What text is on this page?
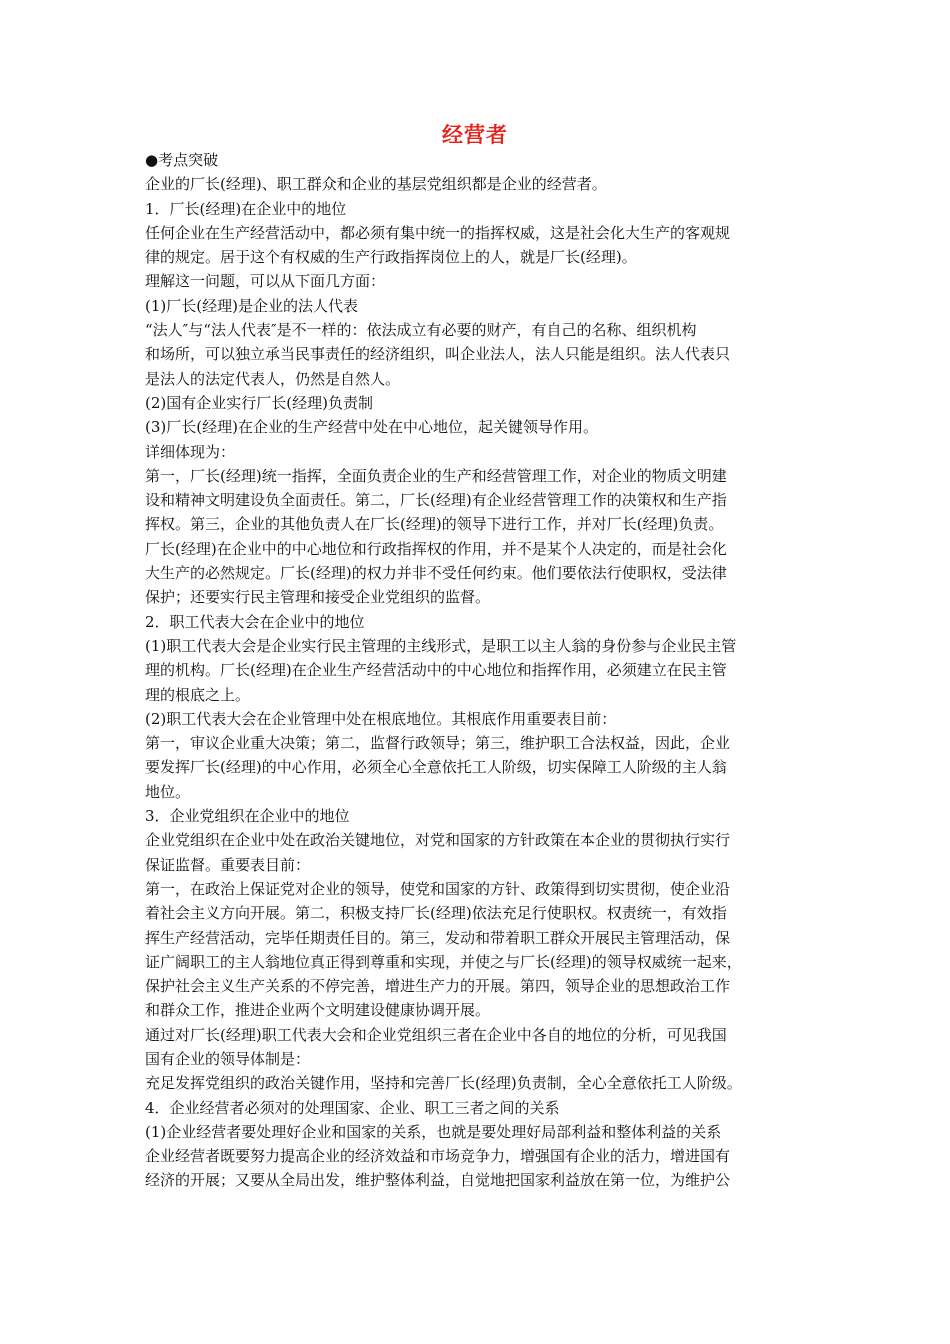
经营者
●考点突破
企业的厂长(经理)、职工群众和企业的基层党组织都是企业的经营者。
1．厂长(经理)在企业中的地位
任何企业在生产经营活动中，都必须有集中统一的指挥权威，这是社会化大生产的客观规
律的规定。居于这个有权威的生产行政指挥岗位上的人，就是厂长(经理)。
理解这一问题，可以从下面几方面：
(1)厂长(经理)是企业的法人代表
“法人″与“法人代表″是不一样的：依法成立有必要的财产，有自己的名称、组织机构
和场所，可以独立承当民事责任的经济组织，叫企业法人，法人只能是组织。法人代表只
是法人的法定代表人，仍然是自然人。
(2)国有企业实行厂长(经理)负责制
(3)厂长(经理)在企业的生产经营中处在中心地位，起关键领导作用。
详细体现为：
第一，厂长(经理)统一指挥，全面负责企业的生产和经营管理工作，对企业的物质文明建
设和精神文明建设负全面责任。第二，厂长(经理)有企业经营管理工作的决策权和生产指
挥权。第三，企业的其他负责人在厂长(经理)的领导下进行工作，并对厂长(经理)负责。
厂长(经理)在企业中的中心地位和行政指挥权的作用，并不是某个人决定的，而是社会化
大生产的必然规定。厂长(经理)的权力并非不受任何约束。他们要依法行使职权，受法律
保护；还要实行民主管理和接受企业党组织的监督。
2．职工代表大会在企业中的地位
(1)职工代表大会是企业实行民主管理的主线形式，是职工以主人翁的身份参与企业民主管
理的机构。厂长(经理)在企业生产经营活动中的中心地位和指挥作用，必须建立在民主管
理的根底之上。
(2)职工代表大会在企业管理中处在根底地位。其根底作用重要表目前：
第一，审议企业重大决策；第二，监督行政领导；第三，维护职工合法权益，因此，企业
要发挥厂长(经理)的中心作用，必须全心全意依托工人阶级，切实保障工人阶级的主人翁
地位。
3．企业党组织在企业中的地位
企业党组织在企业中处在政治关键地位，对党和国家的方针政策在本企业的贯彻执行实行
保证监督。重要表目前：
第一，在政治上保证党对企业的领导，使党和国家的方针、政策得到切实贯彻，使企业沿
着社会主义方向开展。第二，积极支持厂长(经理)依法充足行使职权。权责统一，有效指
挥生产经营活动，完毕任期责任目的。第三，发动和带着职工群众开展民主管理活动，保
证广阔职工的主人翁地位真正得到尊重和实现，并使之与厂长(经理)的领导权威统一起来，
保护社会主义生产关系的不停完善，增进生产力的开展。第四，领导企业的思想政治工作
和群众工作，推进企业两个文明建设健康协调开展。
通过对厂长(经理)职工代表大会和企业党组织三者在企业中各自的地位的分析，可见我国
国有企业的领导体制是：
充足发挥党组织的政治关键作用，坚持和完善厂长(经理)负责制，全心全意依托工人阶级。
4．企业经营者必须对的处理国家、企业、职工三者之间的关系
(1)企业经营者要处理好企业和国家的关系，也就是要处理好局部利益和整体利益的关系
企业经营者既要努力提高企业的经济效益和市场竞争力，增强国有企业的活力，增进国有
经济的开展；又要从全局出发，维护整体利益，自觉地把国家利益放在第一位，为维护公
